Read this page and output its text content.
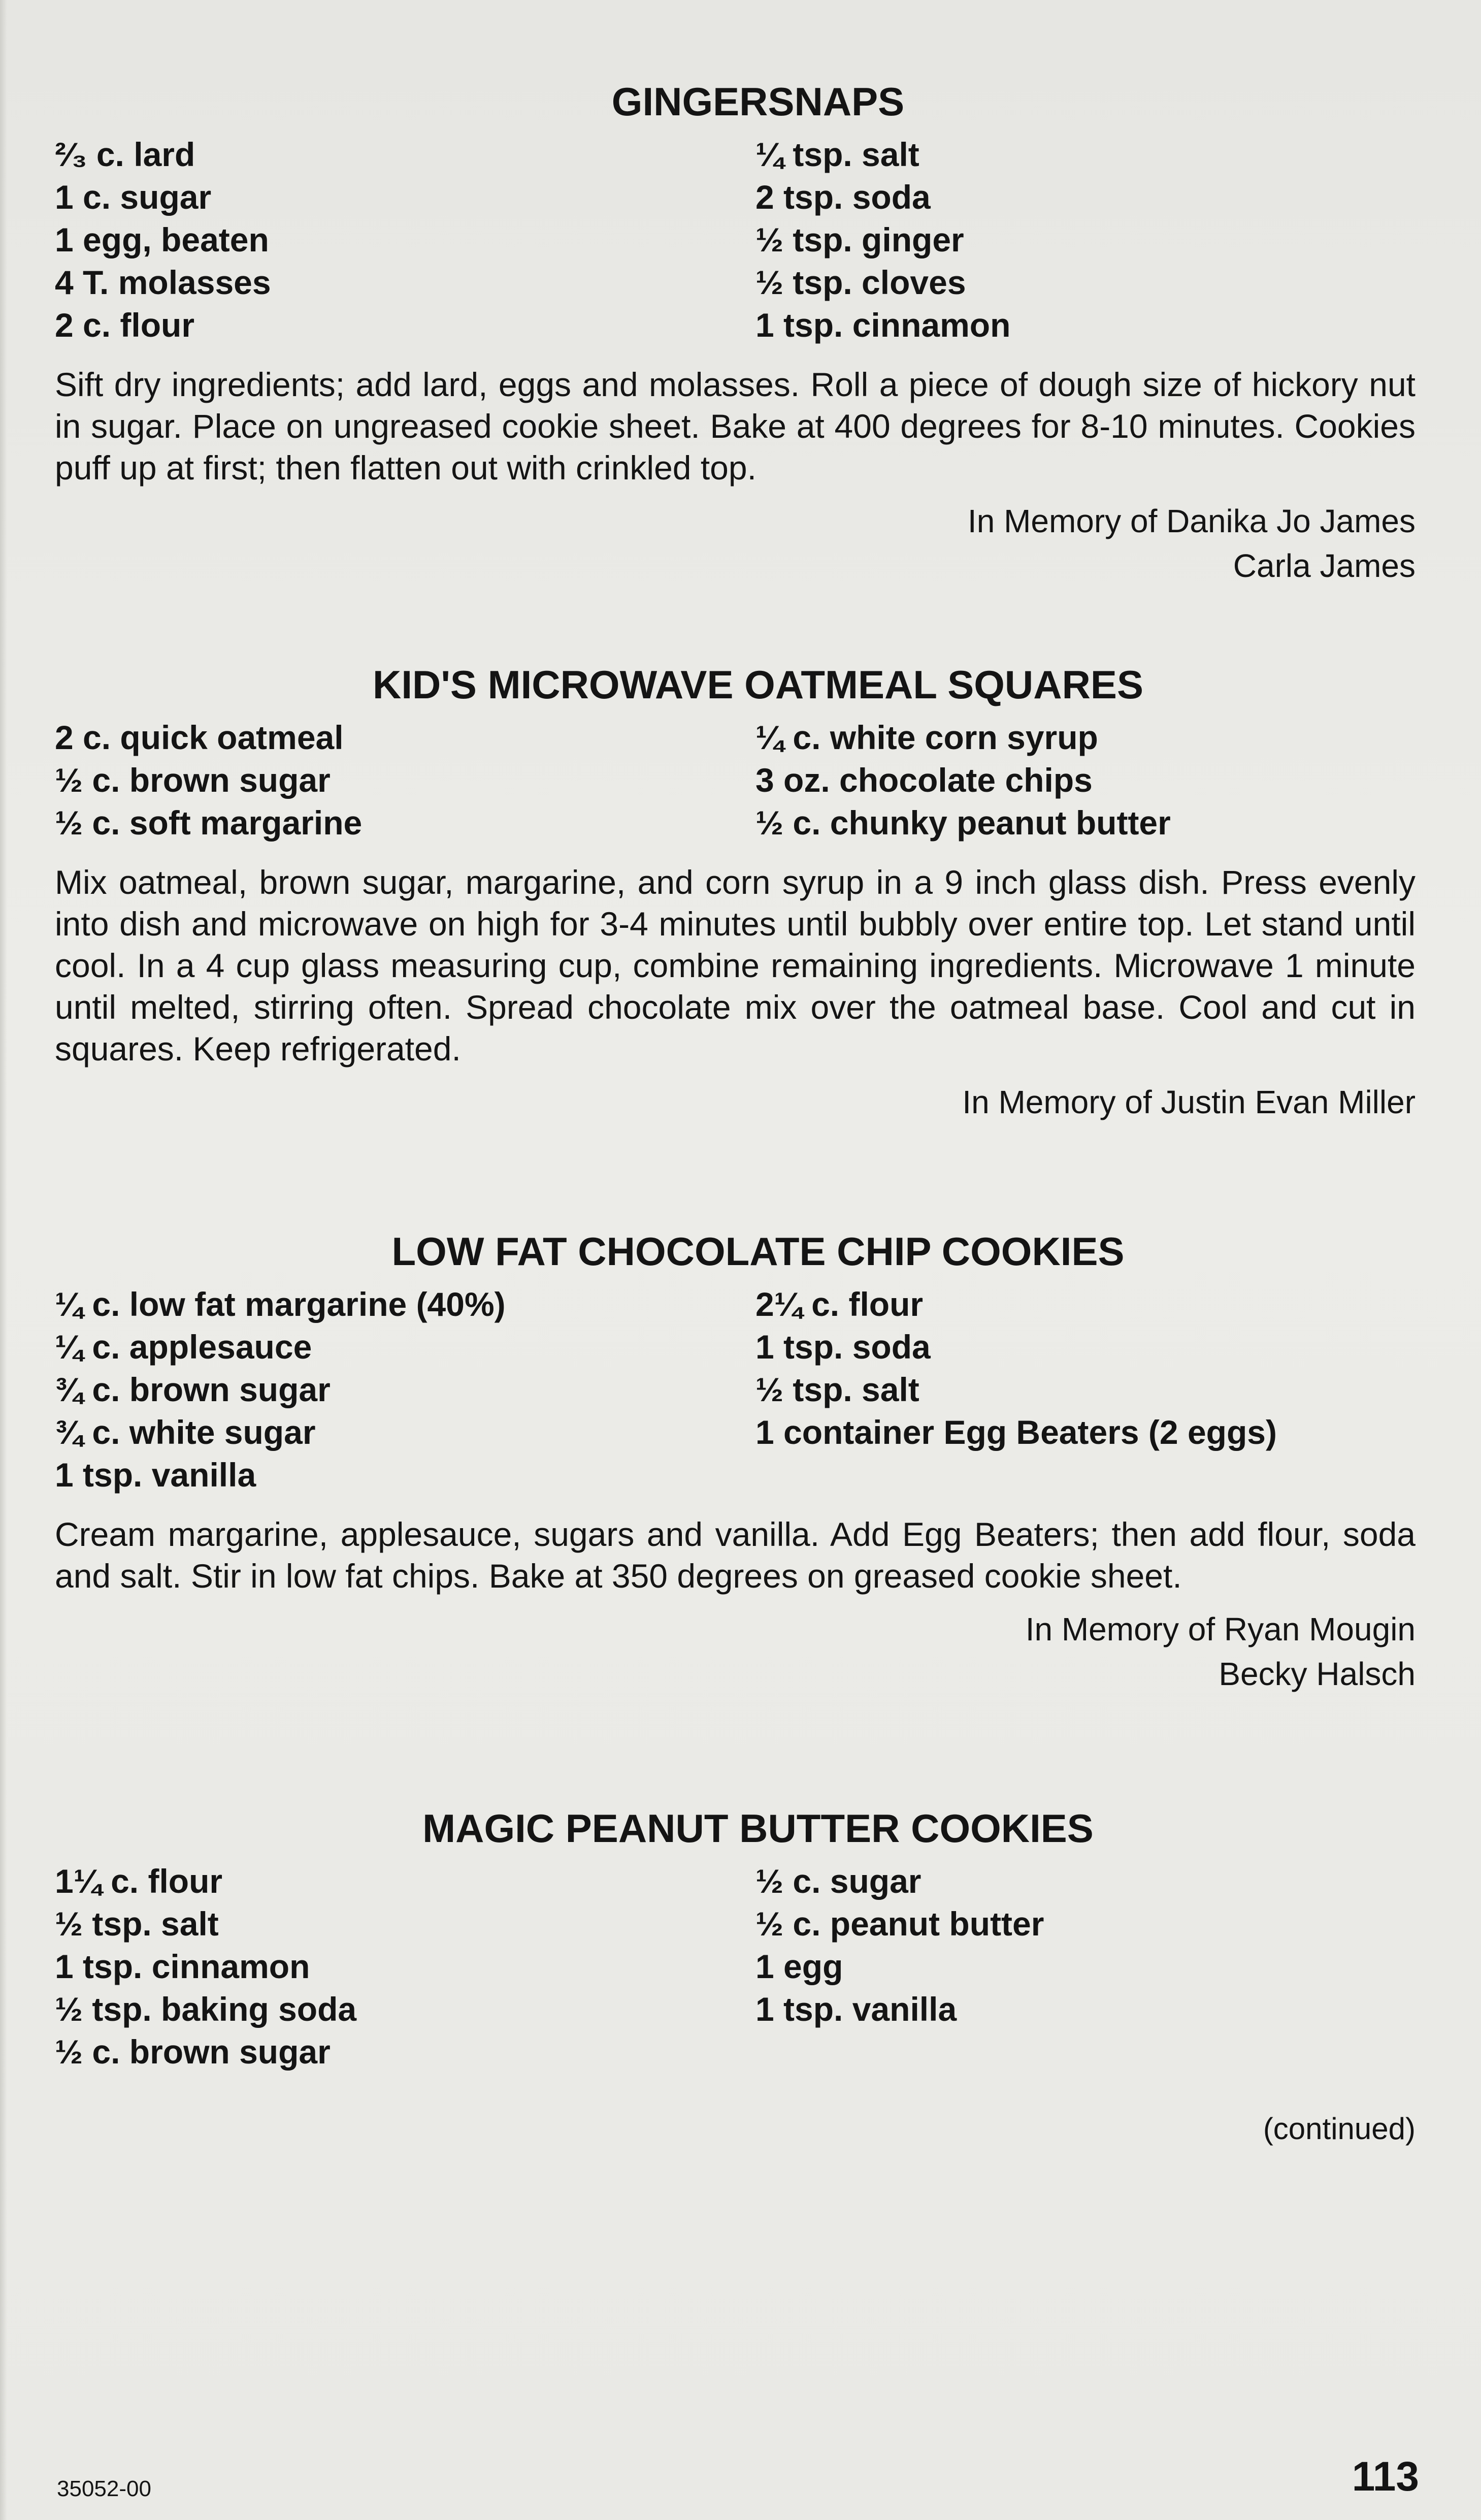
GINGERSNAPS
²⁄₃ c. lard
1 c. sugar
1 egg, beaten
4 T. molasses
2 c. flour
¼ tsp. salt
2 tsp. soda
½ tsp. ginger
½ tsp. cloves
1 tsp. cinnamon
Sift dry ingredients; add lard, eggs and molasses. Roll a piece of dough size of hickory nut in sugar. Place on ungreased cookie sheet. Bake at 400 degrees for 8-10 minutes. Cookies puff up at first; then flatten out with crinkled top.
In Memory of Danika Jo James
Carla James
KID'S MICROWAVE OATMEAL SQUARES
2 c. quick oatmeal
½ c. brown sugar
½ c. soft margarine
¼ c. white corn syrup
3 oz. chocolate chips
½ c. chunky peanut butter
Mix oatmeal, brown sugar, margarine, and corn syrup in a 9 inch glass dish. Press evenly into dish and microwave on high for 3-4 minutes until bubbly over entire top. Let stand until cool. In a 4 cup glass measuring cup, combine remaining ingredients. Microwave 1 minute until melted, stirring often. Spread chocolate mix over the oatmeal base. Cool and cut in squares. Keep refrigerated.
In Memory of Justin Evan Miller
LOW FAT CHOCOLATE CHIP COOKIES
¼ c. low fat margarine (40%)
¼ c. applesauce
¾ c. brown sugar
¾ c. white sugar
1 tsp. vanilla
2¼ c. flour
1 tsp. soda
½ tsp. salt
1 container Egg Beaters (2 eggs)
Cream margarine, applesauce, sugars and vanilla. Add Egg Beaters; then add flour, soda and salt. Stir in low fat chips. Bake at 350 degrees on greased cookie sheet.
In Memory of Ryan Mougin
Becky Halsch
MAGIC PEANUT BUTTER COOKIES
1¼ c. flour
½ tsp. salt
1 tsp. cinnamon
½ tsp. baking soda
½ c. brown sugar
½ c. sugar
½ c. peanut butter
1 egg
1 tsp. vanilla
(continued)
35052-00	113
